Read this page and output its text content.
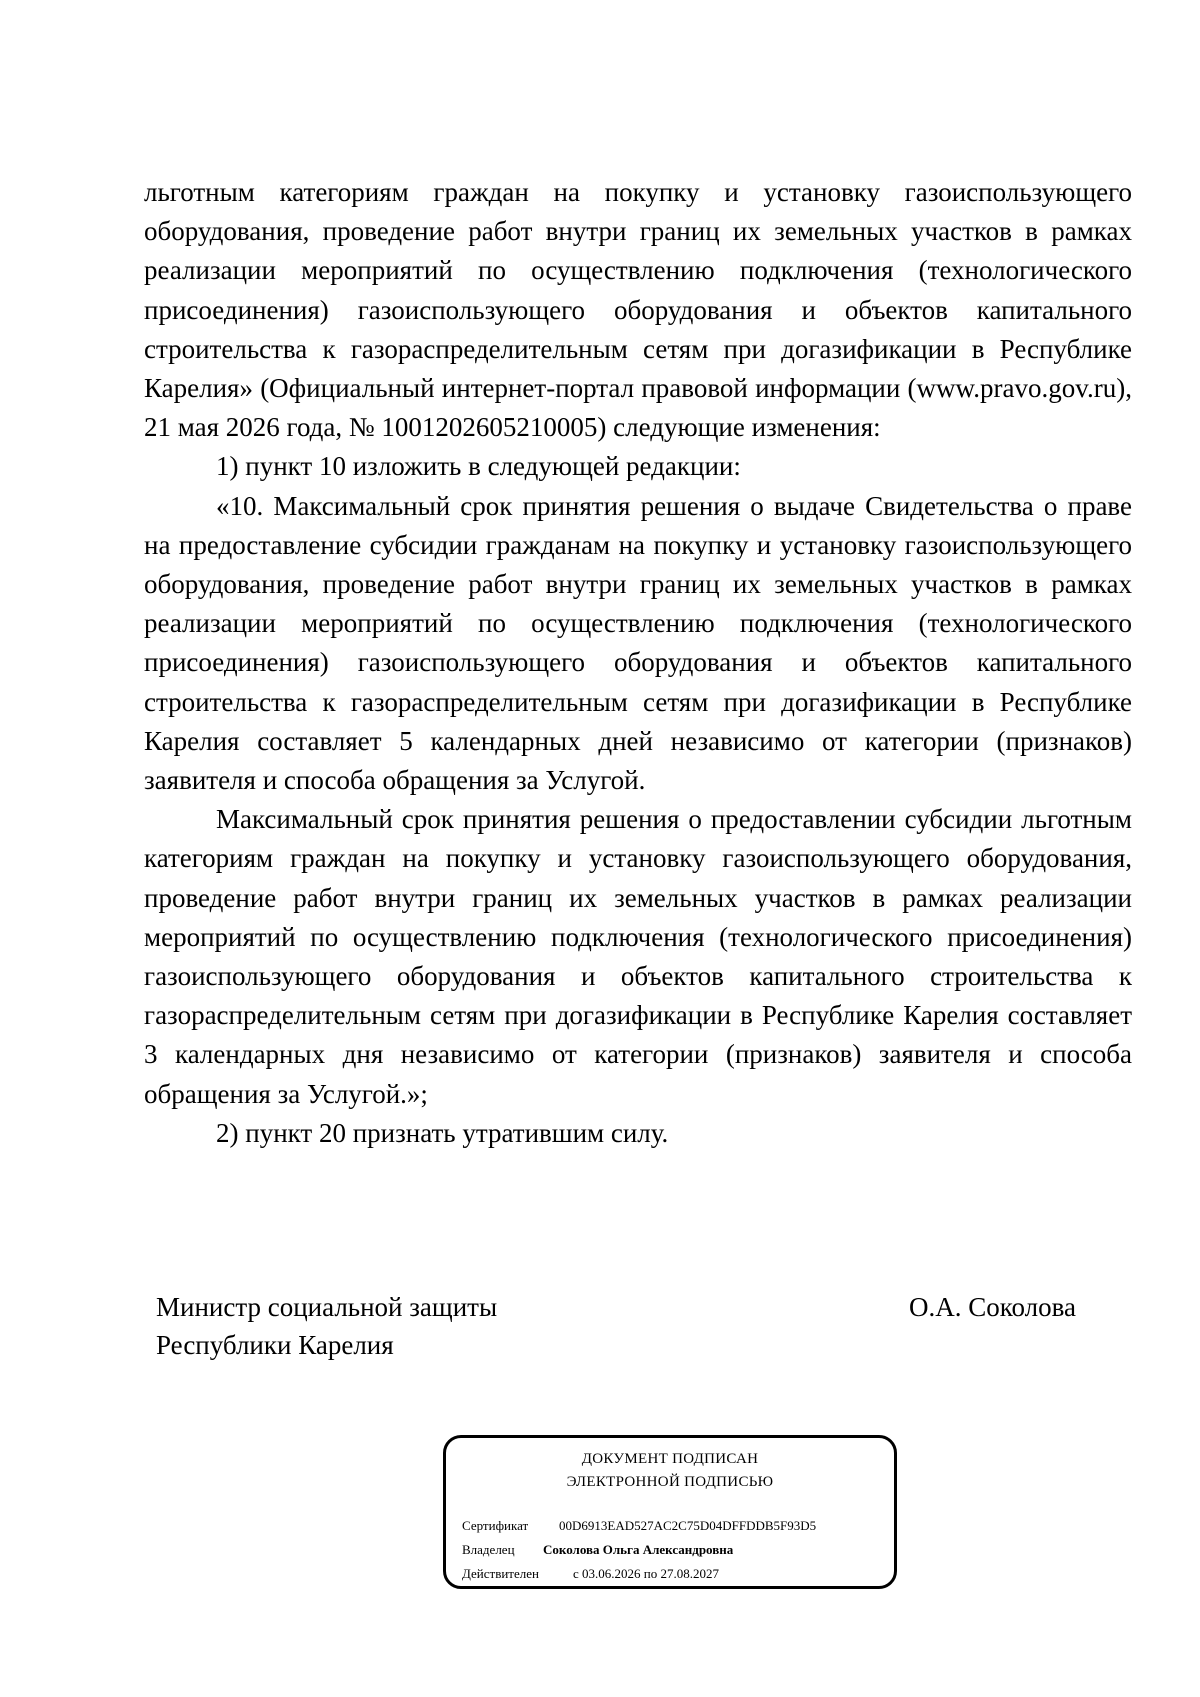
льготным категориям граждан на покупку и установку газоиспользующего оборудования, проведение работ внутри границ их земельных участков в рамках реализации мероприятий по осуществлению подключения (технологического присоединения) газоиспользующего оборудования и объектов капитального строительства к газораспределительным сетям при догазификации в Республике Карелия» (Официальный интернет-портал правовой информации (www.pravo.gov.ru), 21 мая 2026 года, № 1001202605210005) следующие изменения:

1) пункт 10 изложить в следующей редакции:

«10. Максимальный срок принятия решения о выдаче Свидетельства о праве на предоставление субсидии гражданам на покупку и установку газоиспользующего оборудования, проведение работ внутри границ их земельных участков в рамках реализации мероприятий по осуществлению подключения (технологического присоединения) газоиспользующего оборудования и объектов капитального строительства к газораспределительным сетям при догазификации в Республике Карелия составляет 5 календарных дней независимо от категории (признаков) заявителя и способа обращения за Услугой.

Максимальный срок принятия решения о предоставлении субсидии льготным категориям граждан на покупку и установку газоиспользующего оборудования, проведение работ внутри границ их земельных участков в рамках реализации мероприятий по осуществлению подключения (технологического присоединения) газоиспользующего оборудования и объектов капитального строительства к газораспределительным сетям при догазификации в Республике Карелия составляет 3 календарных дня независимо от категории (признаков) заявителя и способа обращения за Услугой.»;

2) пункт 20 признать утратившим силу.

Министр социальной защиты
Республики Карелия
О.А. Соколова
ДОКУМЕНТ ПОДПИСАН
ЭЛЕКТРОННОЙ ПОДПИСЬЮ
Сертификат 00D6913EAD527AC2C75D04DFFDDB5F93D5
Владелец Соколова Ольга Александровна
Действителен	с 03.06.2026 по 27.08.2027
